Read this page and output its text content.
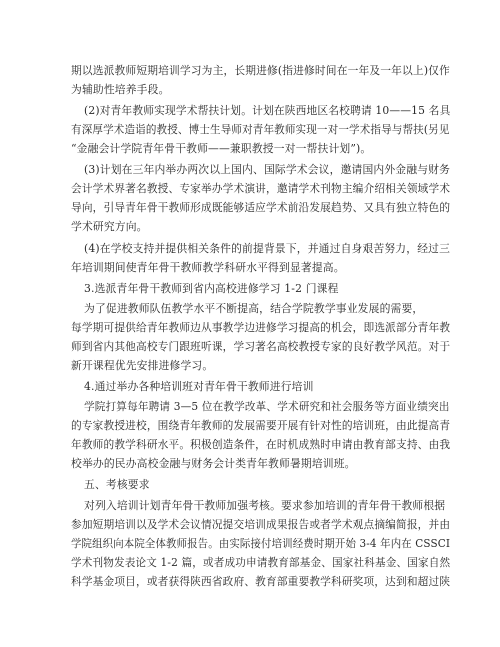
期以选派教师短期培训学习为主，长期进修(指进修时间在一年及一年以上)仅作
为辅助性培养手段。
(2)对青年教师实现学术帮扶计划。计划在陕西地区名校聘请 10——15 名具
有深厚学术造诣的教授、博士生导师对青年教师实现一对一学术指导与帮扶(另见
“金融会计学院青年骨干教师——兼职教授一对一帮扶计划”)。
(3)计划在三年内举办两次以上国内、国际学术会议，邀请国内外金融与财务
会计学术界著名教授、专家举办学术演讲，邀请学术刊物主编介绍相关领域学术
导向，引导青年骨干教师形成既能够适应学术前沿发展趋势、又具有独立特色的
学术研究方向。
(4)在学校支持并提供相关条件的前提背景下，并通过自身艰苦努力，经过三
年培训期间使青年骨干教师教学科研水平得到显著提高。
3.选派青年骨干教师到省内高校进修学习 1-2 门课程
为了促进教师队伍教学水平不断提高，结合学院教学事业发展的需要，
每学期可提供给青年教师边从事教学边进修学习提高的机会，即选派部分青年教
师到省内其他高校专门跟班听课，学习著名高校教授专家的良好教学风范。对于
新开课程优先安排进修学习。
4.通过举办各种培训班对青年骨干教师进行培训
学院打算每年聘请 3—5 位在教学改革、学术研究和社会服务等方面业绩突出
的专家教授进校，围绕青年教师的发展需要开展有针对性的培训班，由此提高青
年教师的教学科研水平。积极创造条件，在时机成熟时申请由教育部支持、由我
校举办的民办高校金融与财务会计类青年教师暑期培训班。
五、考核要求
对列入培训计划青年骨干教师加强考核。要求参加培训的青年骨干教师根据
参加短期培训以及学术会议情况提交培训成果报告或者学术观点摘编简报，并由
学院组织向本院全体教师报告。由实际接付培训经费时期开始 3-4 年内在 CSSCI
学术刊物发表论文 1-2 篇，或者成功申请教育部基金、国家社科基金、国家自然
科学基金项目，或者获得陕西省政府、教育部重要教学科研奖项，达到和超过陕
